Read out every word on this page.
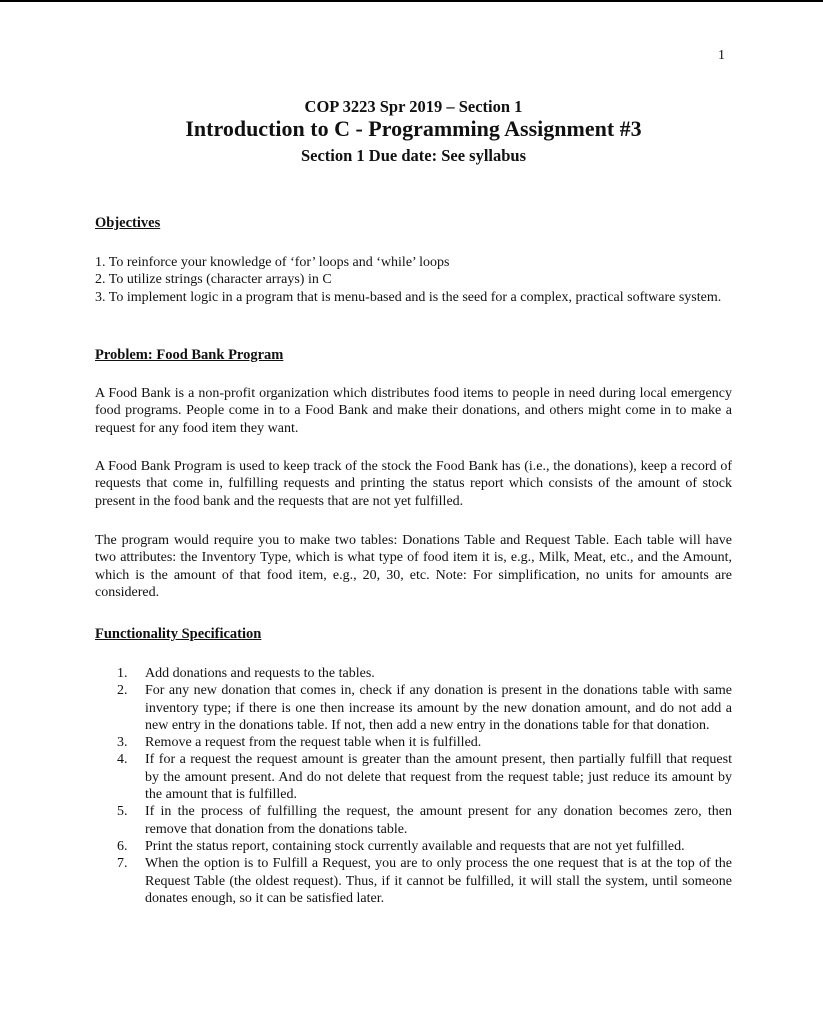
1
COP 3223 Spr 2019 – Section 1
Introduction to C - Programming Assignment #3
Section 1 Due date: See syllabus
Objectives
1. To reinforce your knowledge of ‘for’ loops and ‘while’ loops
2. To utilize strings (character arrays) in C
3. To implement logic in a program that is menu-based and is the seed for a complex, practical software system.
Problem: Food Bank Program
A Food Bank is a non-profit organization which distributes food items to people in need during local emergency food programs. People come in to a Food Bank and make their donations, and others might come in to make a request for any food item they want.
A Food Bank Program is used to keep track of the stock the Food Bank has (i.e., the donations), keep a record of requests that come in, fulfilling requests and printing the status report which consists of the amount of stock present in the food bank and the requests that are not yet fulfilled.
The program would require you to make two tables: Donations Table and Request Table. Each table will have two attributes: the Inventory Type, which is what type of food item it is, e.g., Milk, Meat, etc., and the Amount, which is the amount of that food item, e.g., 20, 30, etc. Note: For simplification, no units for amounts are considered.
Functionality Specification
1. Add donations and requests to the tables.
2. For any new donation that comes in, check if any donation is present in the donations table with same inventory type; if there is one then increase its amount by the new donation amount, and do not add a new entry in the donations table. If not, then add a new entry in the donations table for that donation.
3. Remove a request from the request table when it is fulfilled.
4. If for a request the request amount is greater than the amount present, then partially fulfill that request by the amount present. And do not delete that request from the request table; just reduce its amount by the amount that is fulfilled.
5. If in the process of fulfilling the request, the amount present for any donation becomes zero, then remove that donation from the donations table.
6. Print the status report, containing stock currently available and requests that are not yet fulfilled.
7. When the option is to Fulfill a Request, you are to only process the one request that is at the top of the Request Table (the oldest request). Thus, if it cannot be fulfilled, it will stall the system, until someone donates enough, so it can be satisfied later.
